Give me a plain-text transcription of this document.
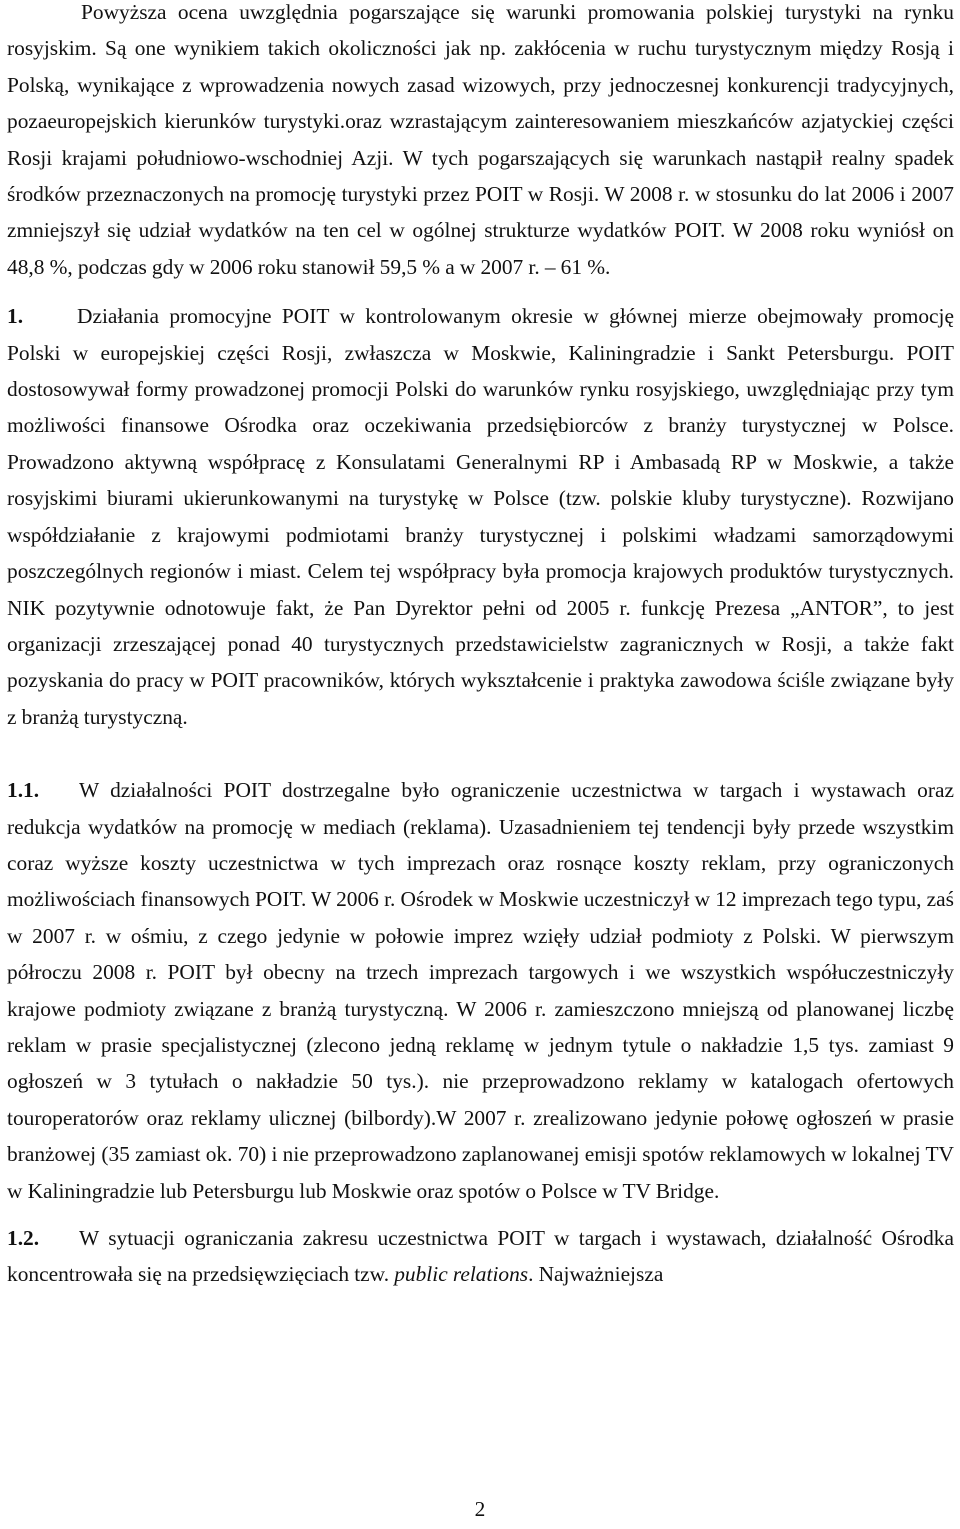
Powyższa ocena uwzględnia pogarszające się warunki promowania polskiej turystyki na rynku rosyjskim. Są one wynikiem takich okoliczności jak np. zakłócenia w ruchu turystycznym między Rosją i Polską, wynikające z wprowadzenia nowych zasad wizowych, przy jednoczesnej konkurencji tradycyjnych, pozaeuropejskich kierunków turystyki.oraz wzrastającym zainteresowaniem mieszkańców azjatyckiej części Rosji krajami południowo-wschodniej Azji. W tych pogarszających się warunkach nastąpił realny spadek środków przeznaczonych na promocję turystyki przez POIT w Rosji. W 2008 r. w stosunku do lat 2006 i 2007 zmniejszył się udział wydatków na ten cel w ogólnej strukturze wydatków POIT. W 2008 roku wyniósł on 48,8 %, podczas gdy w 2006 roku stanowił 59,5 % a w 2007 r. – 61 %.

1.	Działania promocyjne POIT w kontrolowanym okresie w głównej mierze obejmowały promocję Polski w europejskiej części Rosji, zwłaszcza w Moskwie, Kaliningradzie i Sankt Petersburgu. POIT dostosowywał formy prowadzonej promocji Polski do warunków rynku rosyjskiego, uwzględniając przy tym możliwości finansowe Ośrodka oraz oczekiwania przedsiębiorców z branży turystycznej w Polsce. Prowadzono aktywną współpracę z Konsulatami Generalnymi RP i Ambasadą RP w Moskwie, a także rosyjskimi biurami ukierunkowanymi na turystykę w Polsce (tzw. polskie kluby turystyczne). Rozwijano współdziałanie z krajowymi podmiotami branży turystycznej i polskimi władzami samorządowymi poszczególnych regionów i miast. Celem tej współpracy była promocja krajowych produktów turystycznych. NIK pozytywnie odnotowuje fakt, że Pan Dyrektor pełni od 2005 r. funkcję Prezesa „ANTOR”, to jest organizacji zrzeszającej ponad 40 turystycznych przedstawicielstw zagranicznych w Rosji, a także fakt pozyskania do pracy w POIT pracowników, których wykształcenie i praktyka zawodowa ściśle związane były z branżą turystyczną.

1.1. W działalności POIT dostrzegalne było ograniczenie uczestnictwa w targach i wystawach oraz redukcja wydatków na promocję w mediach (reklama). Uzasadnieniem tej tendencji były przede wszystkim coraz wyższe koszty uczestnictwa w tych imprezach oraz rosnące koszty reklam, przy ograniczonych możliwościach finansowych POIT. W 2006 r. Ośrodek w Moskwie uczestniczył w 12 imprezach tego typu, zaś w 2007 r. w ośmiu, z czego jedynie w połowie imprez wzięły udział podmioty z Polski. W pierwszym półroczu 2008 r. POIT był obecny na trzech imprezach targowych i we wszystkich współuczestniczyły krajowe podmioty związane z branżą turystyczną. W 2006 r. zamieszczono mniejszą od planowanej liczbę reklam w prasie specjalistycznej (zlecono jedną reklamę w jednym tytule o nakładzie 1,5 tys. zamiast 9 ogłoszeń w 3 tytułach o nakładzie 50 tys.). nie przeprowadzono reklamy w katalogach ofertowych touroperatorów oraz reklamy ulicznej (bilbordy).W 2007 r. zrealizowano jedynie połowę ogłoszeń w prasie branżowej (35 zamiast ok. 70) i nie przeprowadzono zaplanowanej emisji spotów reklamowych w lokalnej TV w Kaliningradzie lub Petersburgu lub Moskwie oraz spotów o Polsce w TV Bridge.

1.2. W sytuacji ograniczania zakresu uczestnictwa POIT w targach i wystawach, działalność Ośrodka koncentrowała się na przedsięwzięciach tzw. public relations. Najważniejsza

2
